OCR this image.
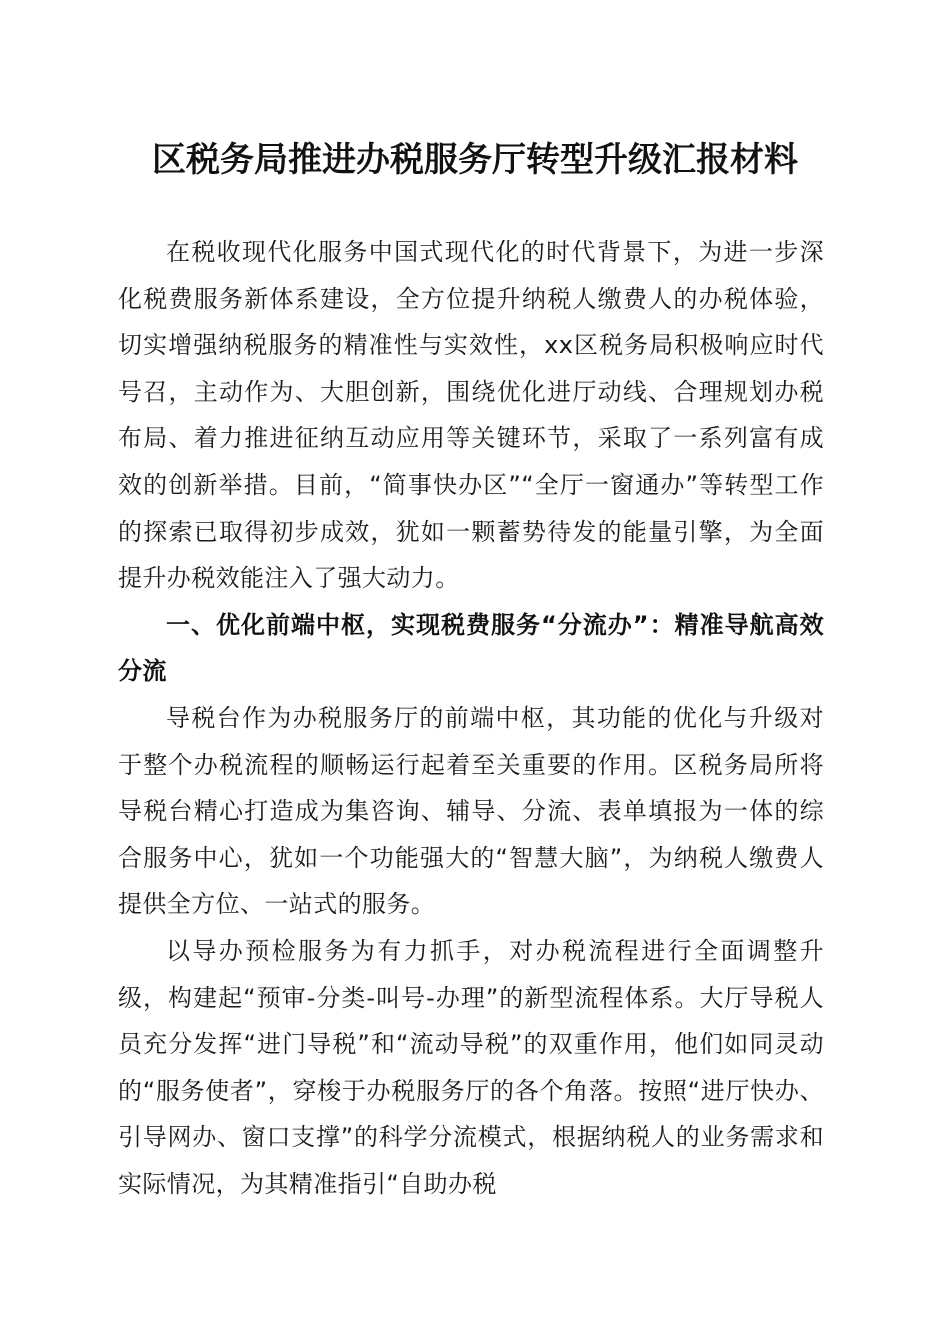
区税务局推进办税服务厅转型升级汇报材料

在税收现代化服务中国式现代化的时代背景下，为进一步深化税费服务新体系建设，全方位提升纳税人缴费人的办税体验，切实增强纳税服务的精准性与实效性，xx区税务局积极响应时代号召，主动作为、大胆创新，围绕优化进厅动线、合理规划办税布局、着力推进征纳互动应用等关键环节，采取了一系列富有成效的创新举措。目前，“简事快办区”“全厅一窗通办”等转型工作的探索已取得初步成效，犹如一颗蓄势待发的能量引擎，为全面提升办税效能注入了强大动力。

一、优化前端中枢，实现税费服务“分流办”：精准导航高效分流

导税台作为办税服务厅的前端中枢，其功能的优化与升级对于整个办税流程的顺畅运行起着至关重要的作用。区税务局所将导税台精心打造成为集咨询、辅导、分流、表单填报为一体的综合服务中心，犹如一个功能强大的“智慧大脑”，为纳税人缴费人提供全方位、一站式的服务。

以导办预检服务为有力抓手，对办税流程进行全面调整升级，构建起“预审-分类-叫号-办理”的新型流程体系。大厅导税人员充分发挥“进门导税”和“流动导税”的双重作用，他们如同灵动的“服务使者”，穿梭于办税服务厅的各个角落。按照“进厅快办、引导网办、窗口支撑”的科学分流模式，根据纳税人的业务需求和实际情况，为其精准指引“自助办税
